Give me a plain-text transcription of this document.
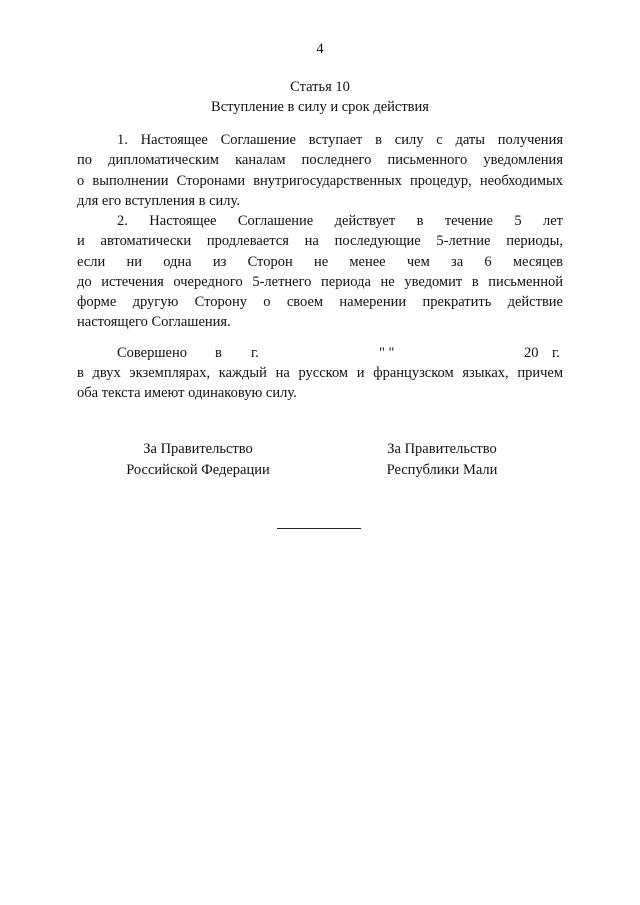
4
Статья 10
Вступление в силу и срок действия
1. Настоящее Соглашение вступает в силу с даты получения
по дипломатическим каналам последнего письменного уведомления
о выполнении Сторонами внутригосударственных процедур, необходимых
для его вступления в силу.
2. Настоящее Соглашение действует в течение 5 лет
и автоматически продлевается на последующие 5-летние периоды,
если ни одна из Сторон не менее чем за 6 месяцев
до истечения очередного 5-летнего периода не уведомит в письменной
форме другую Сторону о своем намерении прекратить действие
настоящего Соглашения.
Совершено в г.	" "	20 г.
в двух экземплярах, каждый на русском и французском языках, причем
оба текста имеют одинаковую силу.
За Правительство
Российской Федерации
За Правительство
Республики Мали
